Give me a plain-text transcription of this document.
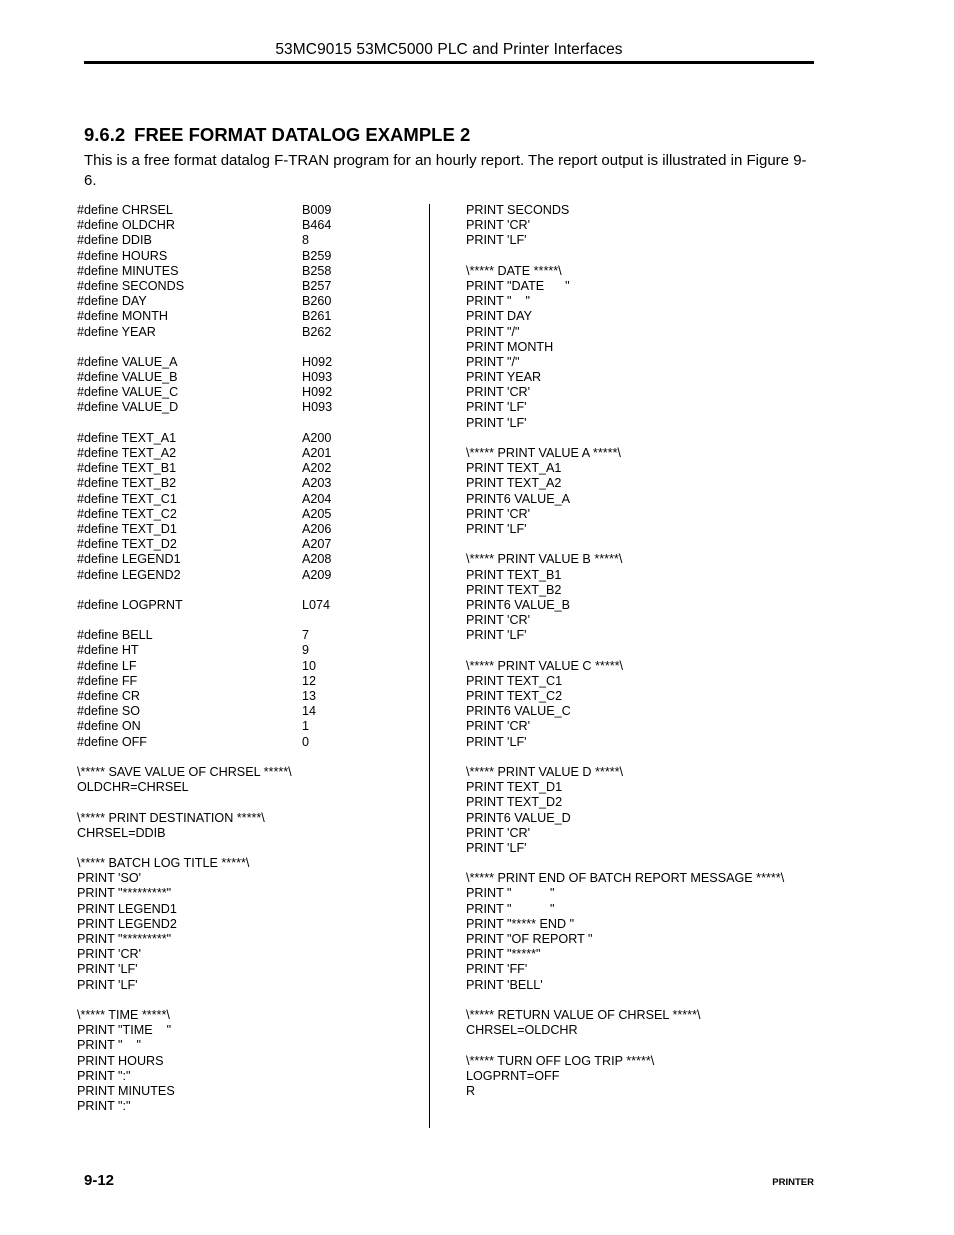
53MC9015 53MC5000 PLC and Printer Interfaces
9.6.2 FREE FORMAT DATALOG EXAMPLE 2

This is a free format datalog F-TRAN program for an hourly report. The report output is illustrated in Figure 9-6.

#define CHRSEL	B009
#define OLDCHR	B464
#define DDIB	8
#define HOURS	B259
#define MINUTES	B258
#define SECONDS	B257
#define DAY	B260
#define MONTH	B261
#define YEAR	B262
#define VALUE_A	H092
#define VALUE_B	H093
#define VALUE_C	H092
#define VALUE_D	H093
#define TEXT_A1	A200
#define TEXT_A2	A201
#define TEXT_B1	A202
#define TEXT_B2	A203
#define TEXT_C1	A204
#define TEXT_C2	A205
#define TEXT_D1	A206
#define TEXT_D2	A207
#define LEGEND1	A208
#define LEGEND2	A209
#define LOGPRNT	L074
#define BELL	7
#define HT	9
#define LF	10
#define FF	12
#define CR	13
#define SO	14
#define ON	1
#define OFF	0
\***** SAVE VALUE OF CHRSEL *****\
OLDCHR=CHRSEL
\***** PRINT DESTINATION *****\
CHRSEL=DDIB
\***** BATCH LOG TITLE *****\
PRINT 'SO'
PRINT "*********"
PRINT LEGEND1
PRINT LEGEND2
PRINT "*********"
PRINT 'CR'
PRINT 'LF'
PRINT 'LF'
\***** TIME *****\
PRINT "TIME    "
PRINT "    "
PRINT HOURS
PRINT ":"
PRINT MINUTES
PRINT ":"
PRINT SECONDS
PRINT 'CR'
PRINT 'LF'
\***** DATE *****\
PRINT "DATE      "
PRINT "    "
PRINT DAY
PRINT "/"
PRINT MONTH
PRINT "/"
PRINT YEAR
PRINT 'CR'
PRINT 'LF'
PRINT 'LF'
\***** PRINT VALUE A *****\
PRINT TEXT_A1
PRINT TEXT_A2
PRINT6 VALUE_A
PRINT 'CR'
PRINT 'LF'
\***** PRINT VALUE B *****\
PRINT TEXT_B1
PRINT TEXT_B2
PRINT6 VALUE_B
PRINT 'CR'
PRINT 'LF'
\***** PRINT VALUE C *****\
PRINT TEXT_C1
PRINT TEXT_C2
PRINT6 VALUE_C
PRINT 'CR'
PRINT 'LF'
\***** PRINT VALUE D *****\
PRINT TEXT_D1
PRINT TEXT_D2
PRINT6 VALUE_D
PRINT 'CR'
PRINT 'LF'
\***** PRINT END OF BATCH REPORT MESSAGE *****\
PRINT "           "
PRINT "           "
PRINT "***** END "
PRINT "OF REPORT "
PRINT "*****"
PRINT 'FF'
PRINT 'BELL'
\***** RETURN VALUE OF CHRSEL *****\
CHRSEL=OLDCHR
\***** TURN OFF LOG TRIP *****\
LOGPRNT=OFF
R
9-12	PRINTER
